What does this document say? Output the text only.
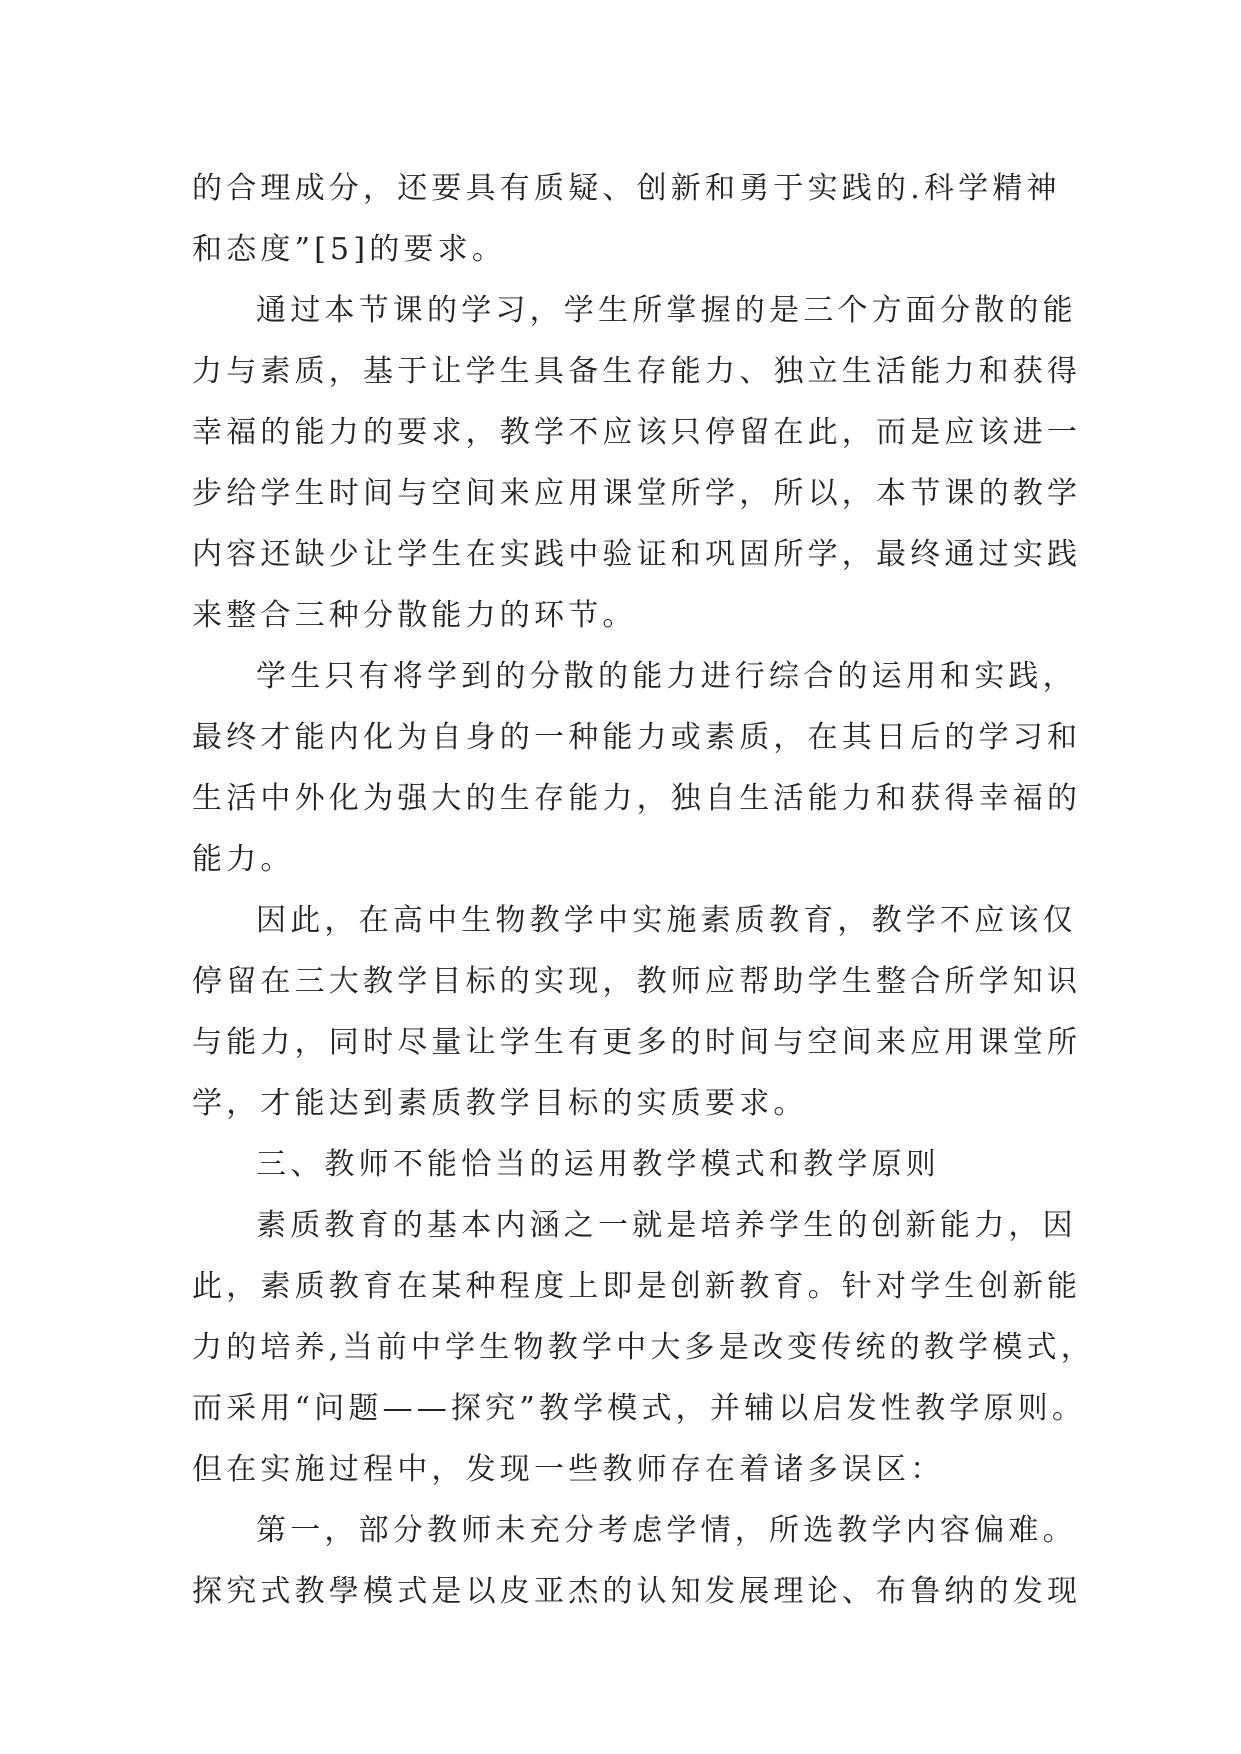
的合理成分，还要具有质疑、创新和勇于实践的.科学精神
和态度”[5]的要求。
通过本节课的学习，学生所掌握的是三个方面分散的能
力与素质，基于让学生具备生存能力、独立生活能力和获得
幸福的能力的要求，教学不应该只停留在此，而是应该进一
步给学生时间与空间来应用课堂所学，所以，本节课的教学
内容还缺少让学生在实践中验证和巩固所学，最终通过实践
来整合三种分散能力的环节。
学生只有将学到的分散的能力进行综合的运用和实践，
最终才能内化为自身的一种能力或素质，在其日后的学习和
生活中外化为强大的生存能力，独自生活能力和获得幸福的
能力。
因此，在高中生物教学中实施素质教育，教学不应该仅
停留在三大教学目标的实现，教师应帮助学生整合所学知识
与能力，同时尽量让学生有更多的时间与空间来应用课堂所
学，才能达到素质教学目标的实质要求。
三、教师不能恰当的运用教学模式和教学原则
素质教育的基本内涵之一就是培养学生的创新能力，因
此，素质教育在某种程度上即是创新教育。针对学生创新能
力的培养,当前中学生物教学中大多是改变传统的教学模式，
而采用“问题——探究”教学模式，并辅以启发性教学原则。
但在实施过程中，发现一些教师存在着诸多误区：
第一，部分教师未充分考虑学情，所选教学内容偏难。
探究式教學模式是以皮亚杰的认知发展理论、布鲁纳的发现
